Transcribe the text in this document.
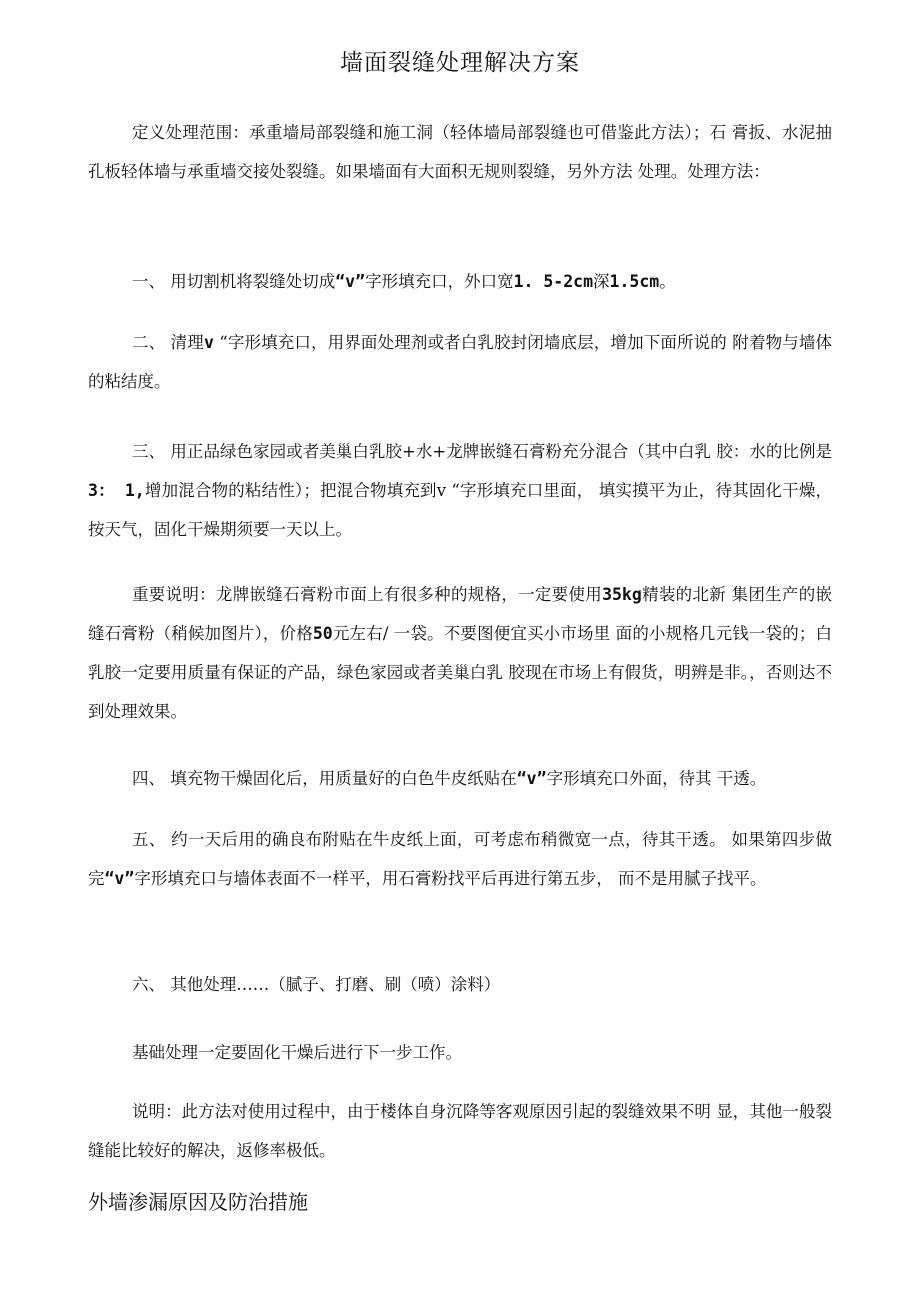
墙面裂缝处理解决方案

定义处理范围：承重墙局部裂缝和施工洞（轻体墙局部裂缝也可借鉴此方法）；石 膏扳、水泥抽孔板轻体墙与承重墙交接处裂缝。如果墙面有大面积无规则裂缝，另外方法 处理。处理方法：

一、 用切割机将裂缝处切成“v”字形填充口，外口宽1. 5-2cm深1.5cm。

二、 清理v “字形填充口，用界面处理剂或者白乳胶封闭墙底层，增加下面所说的 附着物与墙体的粘结度。

三、 用正品绿色家园或者美巢白乳胶+水+龙牌嵌缝石膏粉充分混合（其中白乳 胶：水的比例是3： 1,增加混合物的粘结性）；把混合物填充到v “字形填充口里面， 填实摸平为止，待其固化干燥，按天气，固化干燥期须要一天以上。

重要说明：龙牌嵌缝石膏粉市面上有很多种的规格，一定要使用35kg精装的北新 集团生产的嵌缝石膏粉（稍候加图片），价格50元左右/ 一袋。不要图便宜买小市场里 面的小规格几元钱一袋的；白乳胶一定要用质量有保证的产品，绿色家园或者美巢白乳 胶现在市场上有假货，明辨是非。，否则达不到处理效果。

四、 填充物干燥固化后，用质量好的白色牛皮纸贴在“v”字形填充口外面，待其 干透。

五、 约一天后用的确良布附贴在牛皮纸上面，可考虑布稍微宽一点，待其干透。 如果第四步做完“v”字形填充口与墙体表面不一样平，用石膏粉找平后再进行第五步， 而不是用腻子找平。

六、 其他处理……（腻子、打磨、刷（喷）涂料）

基础处理一定要固化干燥后进行下一步工作。

说明：此方法对使用过程中，由于楼体自身沉降等客观原因引起的裂缝效果不明 显，其他一般裂缝能比较好的解决，返修率极低。

外墙渗漏原因及防治措施
